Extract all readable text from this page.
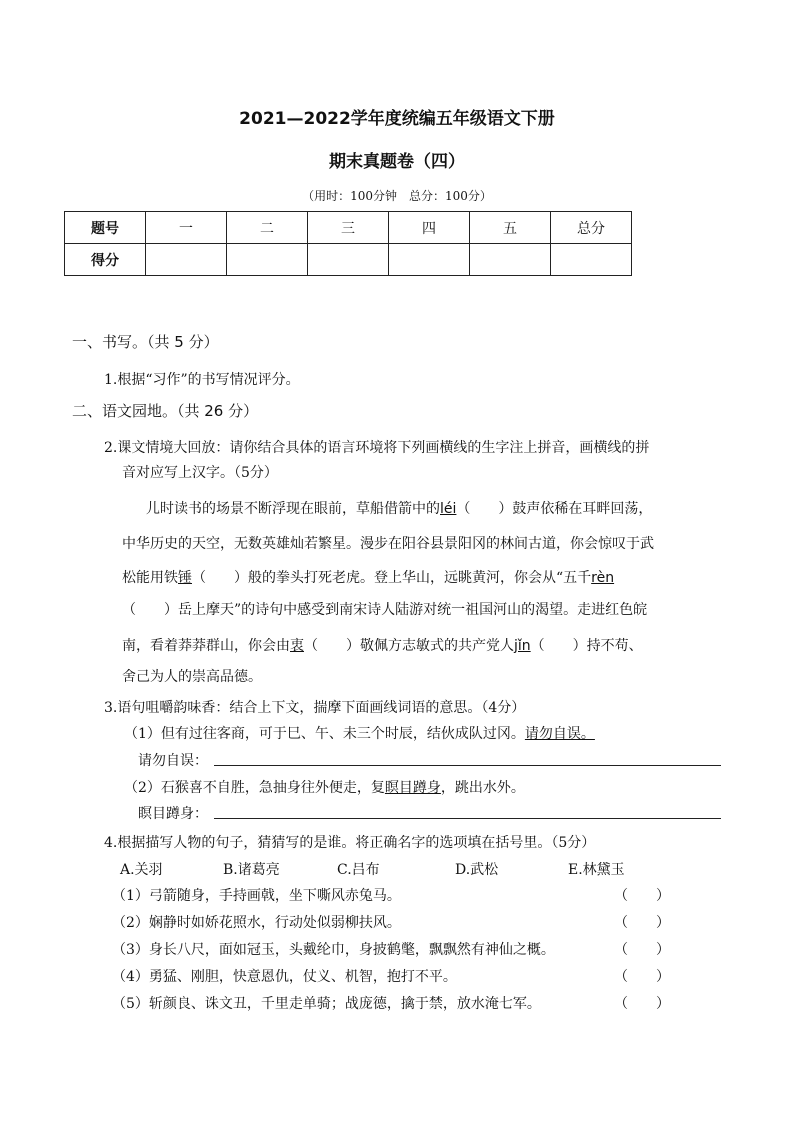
2021—2022学年度统编五年级语文下册
期末真题卷（四）
（用时：100分钟　总分：100分）
题号	一	二	三	四	五	总分
得分						
一、书写。（共 5 分）
1.根据“习作”的书写情况评分。
二、语文园地。（共 26 分）
2.课文情境大回放：请你结合具体的语言环境将下列画横线的生字注上拼音，画横线的拼
音对应写上汉字。（5分）
儿时读书的场景不断浮现在眼前，草船借箭中的léi（　　）鼓声依稀在耳畔回荡，
中华历史的天空，无数英雄灿若繁星。漫步在阳谷县景阳冈的林间古道，你会惊叹于武
松能用铁锤（　　）般的拳头打死老虎。登上华山，远眺黄河，你会从“五千rèn
（　　）岳上摩天”的诗句中感受到南宋诗人陆游对统一祖国河山的渴望。走进红色皖
南，看着莽莽群山，你会由衷（　　）敬佩方志敏式的共产党人jǐn（　　）持不苟、
舍己为人的崇高品德。
3.语句咀嚼韵味香：结合上下文，揣摩下面画线词语的意思。（4分）
（1）但有过往客商，可于巳、午、未三个时辰，结伙成队过冈。请勿自误。
请勿自误：
（2）石猴喜不自胜，急抽身往外便走，复瞑目蹲身，跳出水外。
瞑目蹲身：
4.根据描写人物的句子，猜猜写的是谁。将正确名字的选项填在括号里。（5分）
A.关羽	B.诸葛亮	C.吕布	D.武松	E.林黛玉
（1）弓箭随身，手持画戟，坐下嘶风赤兔马。	（　　）
（2）娴静时如娇花照水，行动处似弱柳扶风。	（　　）
（3）身长八尺，面如冠玉，头戴纶巾，身披鹤氅，飘飘然有神仙之概。	（　　）
（4）勇猛、刚胆，快意恩仇，仗义、机智，抱打不平。	（　　）
（5）斩颜良、诛文丑，千里走单骑；战庞德，擒于禁，放水淹七军。	（　　）
